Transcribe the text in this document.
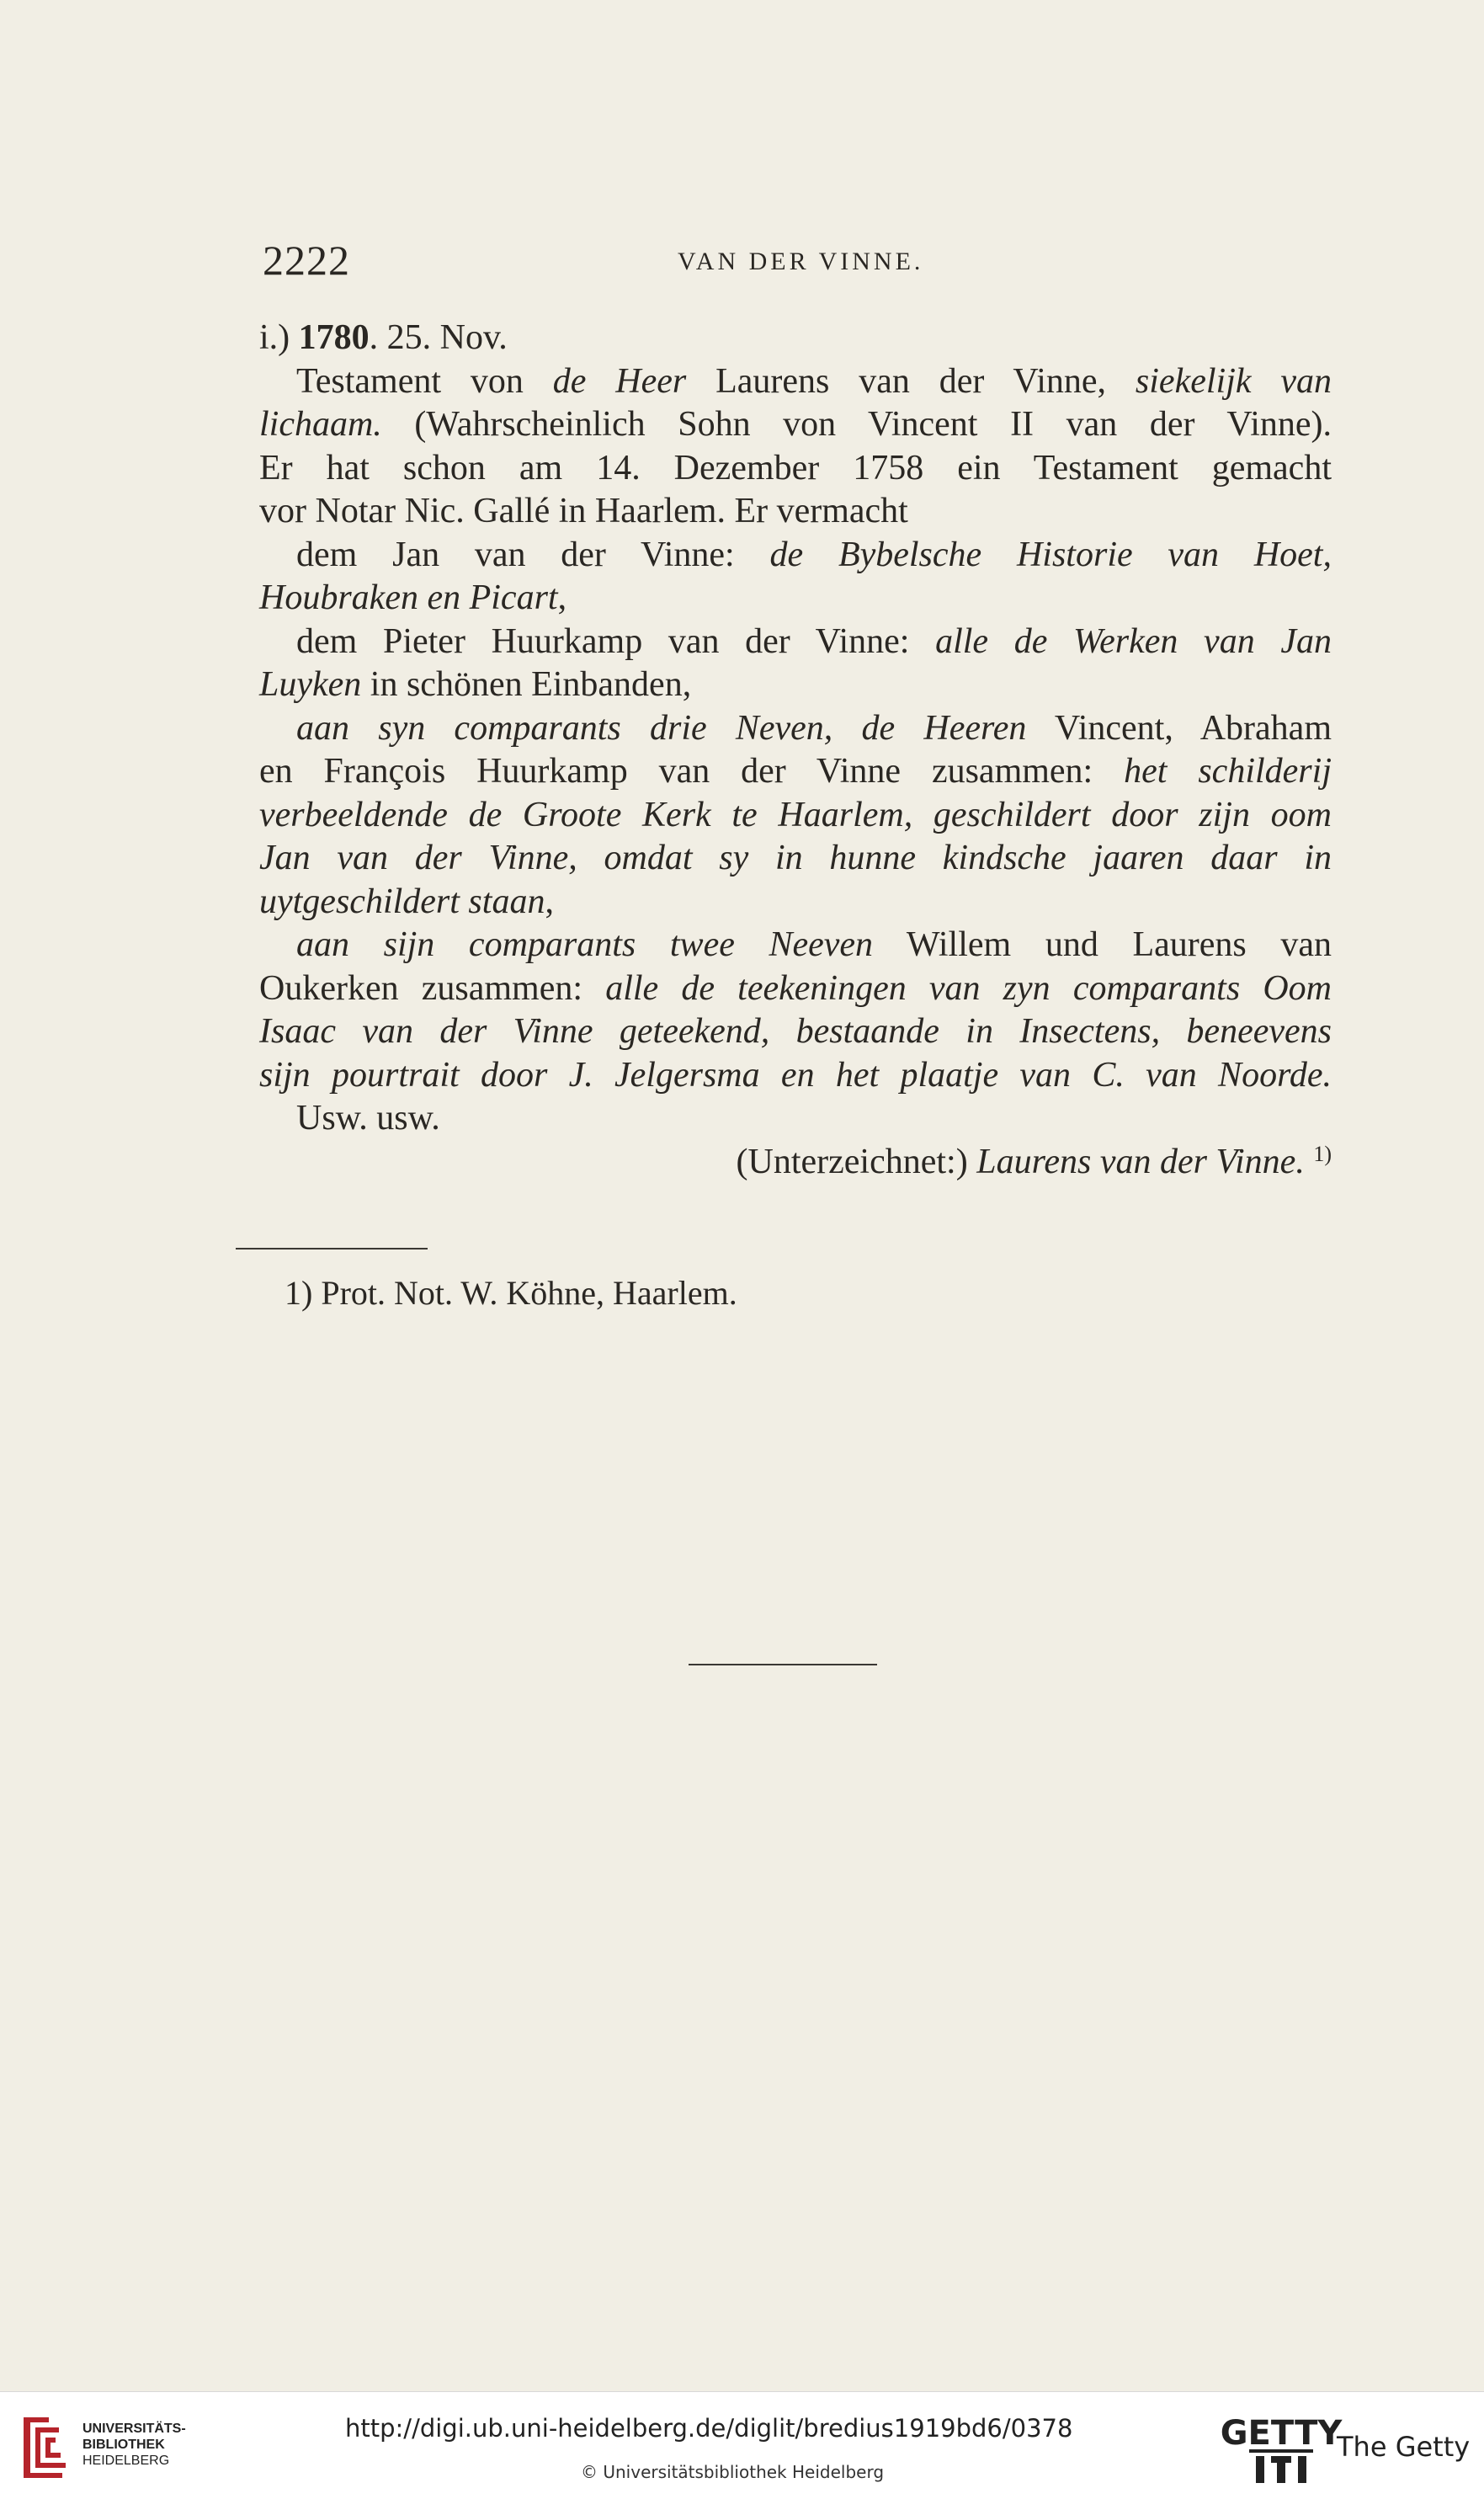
2222	VAN DER VINNE.
i.) 1780. 25. Nov.
Testament von de Heer Laurens van der Vinne, siekelijk van
lichaam. (Wahrscheinlich Sohn von Vincent II van der Vinne).
Er hat schon am 14. Dezember 1758 ein Testament gemacht
vor Notar Nic. Gallé in Haarlem. Er vermacht
dem Jan van der Vinne: de Bybelsche Historie van Hoet,
Houbraken en Picart,
dem Pieter Huurkamp van der Vinne: alle de Werken van Jan
Luyken in schönen Einbanden,
aan syn comparants drie Neven, de Heeren Vincent, Abraham
en François Huurkamp van der Vinne zusammen: het schilderij
verbeeldende de Groote Kerk te Haarlem, geschildert door zijn oom
Jan van der Vinne, omdat sy in hunne kindsche jaaren daar in
uytgeschildert staan,
aan sijn comparants twee Neeven Willem und Laurens van
Oukerken zusammen: alle de teekeningen van zyn comparants Oom
Isaac van der Vinne geteekend, bestaande in Insectens, beneevens
sijn pourtrait door J. Jelgersma en het plaatje van C. van Noorde.
Usw. usw.
(Unterzeichnet:) Laurens van der Vinne. $^{1)}$
1) Prot. Not. W. Köhne, Haarlem.
UNIVERSITÄTS-
BIBLIOTHEK
HEIDELBERG
http://digi.ub.uni-heidelberg.de/diglit/bredius1919bd6/0378
© Universitätsbibliothek Heidelberg
GETTY
The Getty
